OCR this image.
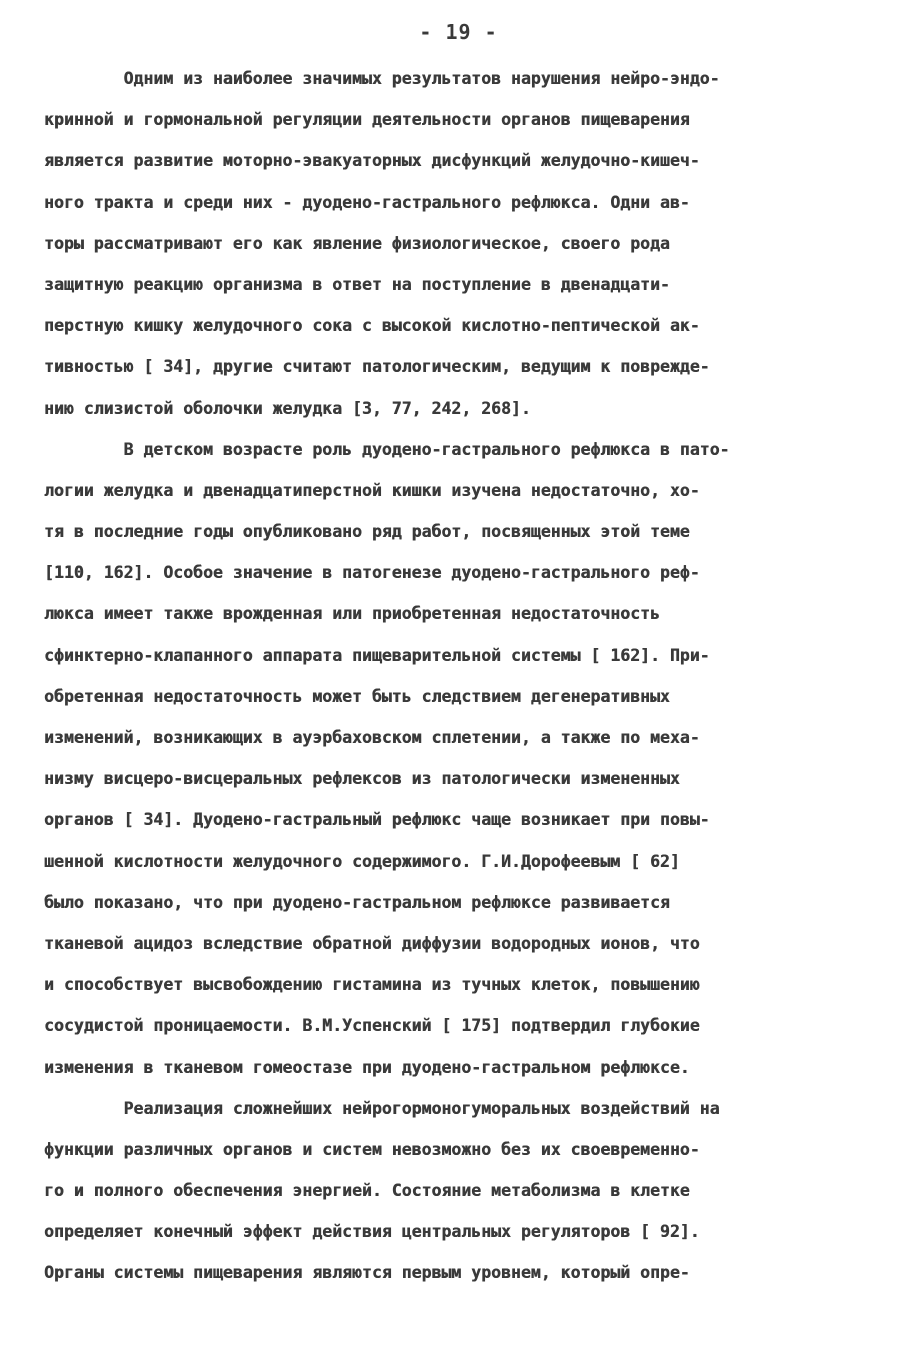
- 19 -
Одним из наиболее значимых результатов нарушения нейро-эндо-
кринной и гормональной регуляции деятельности органов пищеварения
является развитие моторно-эвакуаторных дисфункций желудочно-кишеч-
ного тракта и среди них - дуодено-гастрального рефлюкса. Одни ав-
торы рассматривают его как явление физиологическое, своего рода
защитную реакцию организма в ответ на поступление в двенадцати-
перстную кишку желудочного сока с высокой кислотно-пептической ак-
тивностью [ 34], другие считают патологическим, ведущим к поврежде-
нию слизистой оболочки желудка [3, 77, 242, 268].
В детском возрасте роль дуодено-гастрального рефлюкса в пато-
логии желудка и двенадцатиперстной кишки изучена недостаточно, хо-
тя в последние годы опубликовано ряд работ, посвященных этой теме
[110, 162]. Особое значение в патогенезе дуодено-гастрального реф-
люкса имеет также врожденная или приобретенная недостаточность
сфинктерно-клапанного аппарата пищеварительной системы [ 162]. При-
обретенная недостаточность может быть следствием дегенеративных
изменений, возникающих в ауэрбаховском сплетении, а также по меха-
низму висцеро-висцеральных рефлексов из патологически измененных
органов [ 34]. Дуодено-гастральный рефлюкс чаще возникает при повы-
шенной кислотности желудочного содержимого. Г.И.Дорофеевым [ 62]
было показано, что при дуодено-гастральном рефлюксе развивается
тканевой ацидоз вследствие обратной диффузии водородных ионов, что
и способствует высвобождению гистамина из тучных клеток, повышению
сосудистой проницаемости. В.М.Успенский [ 175] подтвердил глубокие
изменения в тканевом гомеостазе при дуодено-гастральном рефлюксе.
Реализация сложнейших нейрогормоногуморальных воздействий на
функции различных органов и систем невозможно без их своевременно-
го и полного обеспечения энергией. Состояние метаболизма в клетке
определяет конечный эффект действия центральных регуляторов [ 92].
Органы системы пищеварения являются первым уровнем, который опре-
